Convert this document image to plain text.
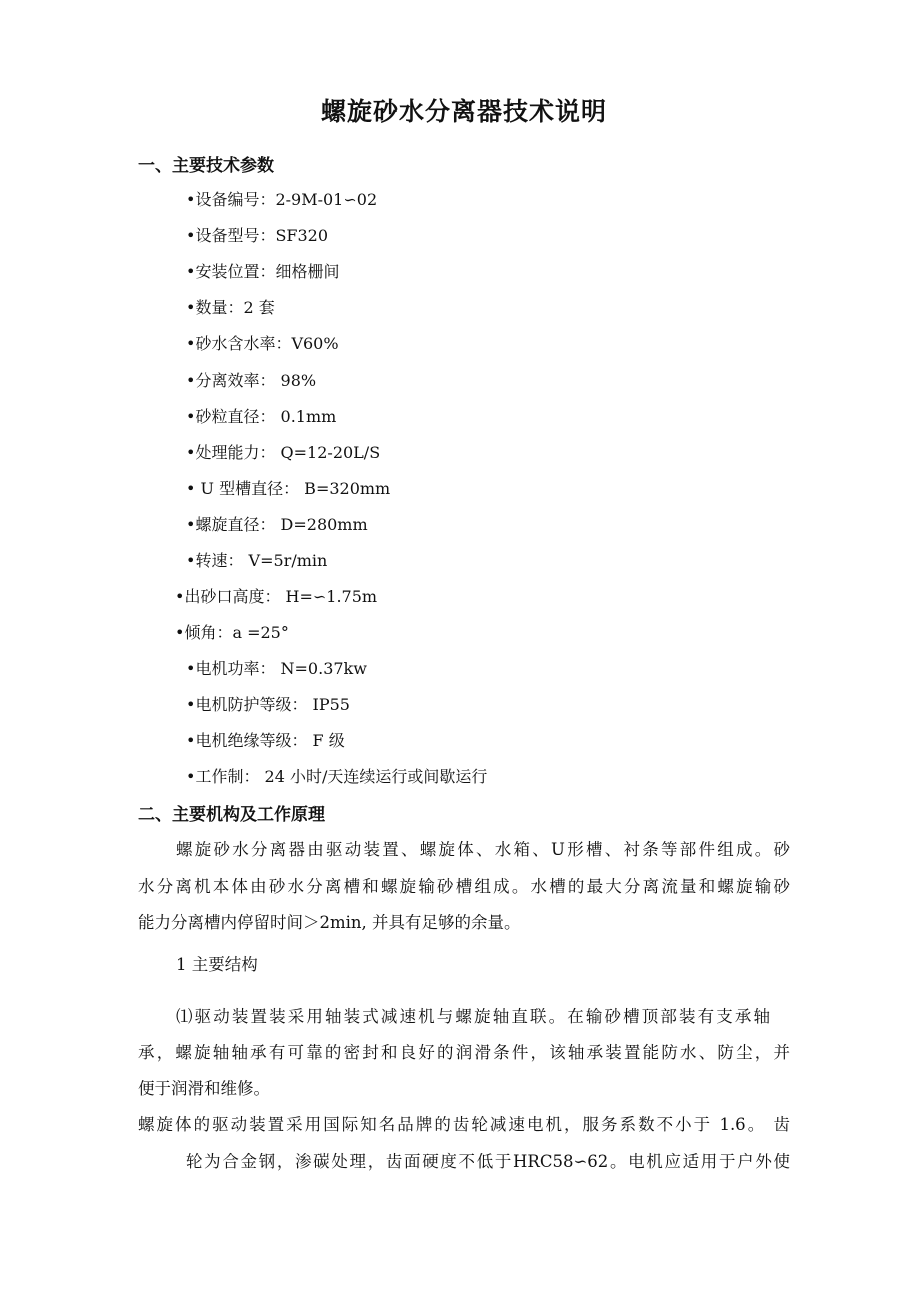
螺旋砂水分离器技术说明
一、主要技术参数
•设备编号：2-9M-01∽02
•设备型号：SF320
•安装位置：细格栅间
•数量：2 套
•砂水含水率：V60%
•分离效率： 98%
•砂粒直径： 0.1mm
•处理能力： Q=12-20L/S
• U 型槽直径： B=320mm
•螺旋直径： D=280mm
•转速： V=5r/min
•出砂口高度： H=∽1.75m
•倾角：a =25°
•电机功率： N=0.37kw
•电机防护等级： IP55
•电机绝缘等级： F 级
•工作制： 24 小时/天连续运行或间歇运行
二、主要机构及工作原理
螺旋砂水分离器由驱动装置、螺旋体、水箱、U形槽、衬条等部件组成。砂
水分离机本体由砂水分离槽和螺旋输砂槽组成。水槽的最大分离流量和螺旋输砂
能力分离槽内停留时间＞2min, 并具有足够的余量。
1 主要结构
⑴驱动装置装采用轴装式减速机与螺旋轴直联。在输砂槽顶部装有支承轴
承，螺旋轴轴承有可靠的密封和良好的润滑条件，该轴承装置能防水、防尘，并
便于润滑和维修。
螺旋体的驱动装置采用国际知名品牌的齿轮减速电机，服务系数不小于 1.6。 齿
轮为合金钢，渗碳处理，齿面硬度不低于HRC58∽62。电机应适用于户外使
